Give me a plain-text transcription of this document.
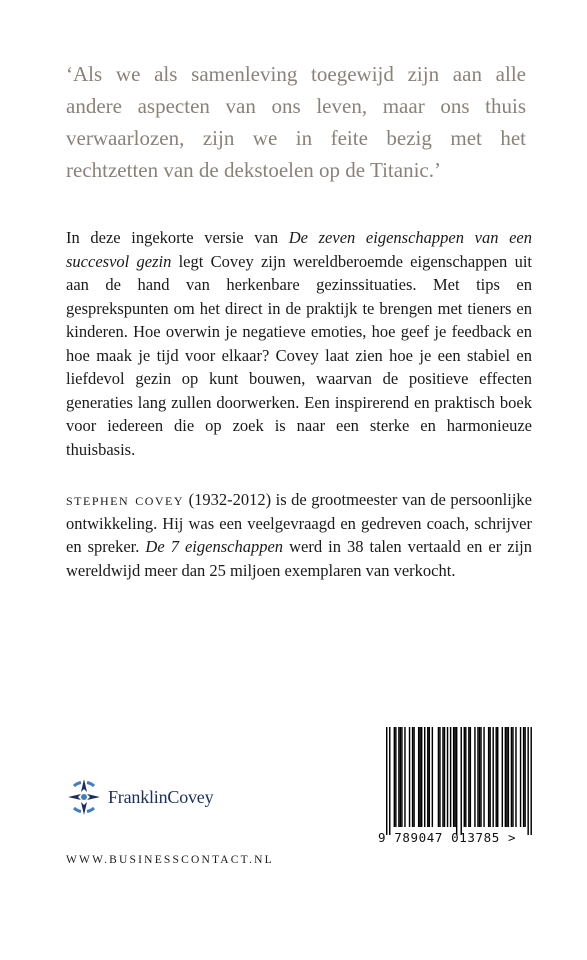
‘Als we als samenleving toegewijd zijn aan alle andere aspecten van ons leven, maar ons thuis verwaarlozen, zijn we in feite bezig met het rechtzetten van de dekstoelen op de Titanic.’
In deze ingekorte versie van De zeven eigenschappen van een succesvol gezin legt Covey zijn wereldberoemde eigenschappen uit aan de hand van herkenbare gezinssituaties. Met tips en gesprekspunten om het direct in de praktijk te brengen met tieners en kinderen. Hoe overwin je negatieve emoties, hoe geef je feedback en hoe maak je tijd voor elkaar? Covey laat zien hoe je een stabiel en liefdevol gezin op kunt bouwen, waarvan de positieve effecten generaties lang zullen doorwerken. Een inspirerend en praktisch boek voor iedereen die op zoek is naar een sterke en harmonieuze thuisbasis.
stephen covey (1932-2012) is de grootmeester van de persoonlijke ontwikkeling. Hij was een veelgevraagd en gedreven coach, schrijver en spreker. De 7 eigenschappen werd in 38 talen vertaald en er zijn wereldwijd meer dan 25 miljoen exemplaren van verkocht.
FranklinCovey
WWW.BUSINESSCONTACT.NL
9 789047 013785 >
